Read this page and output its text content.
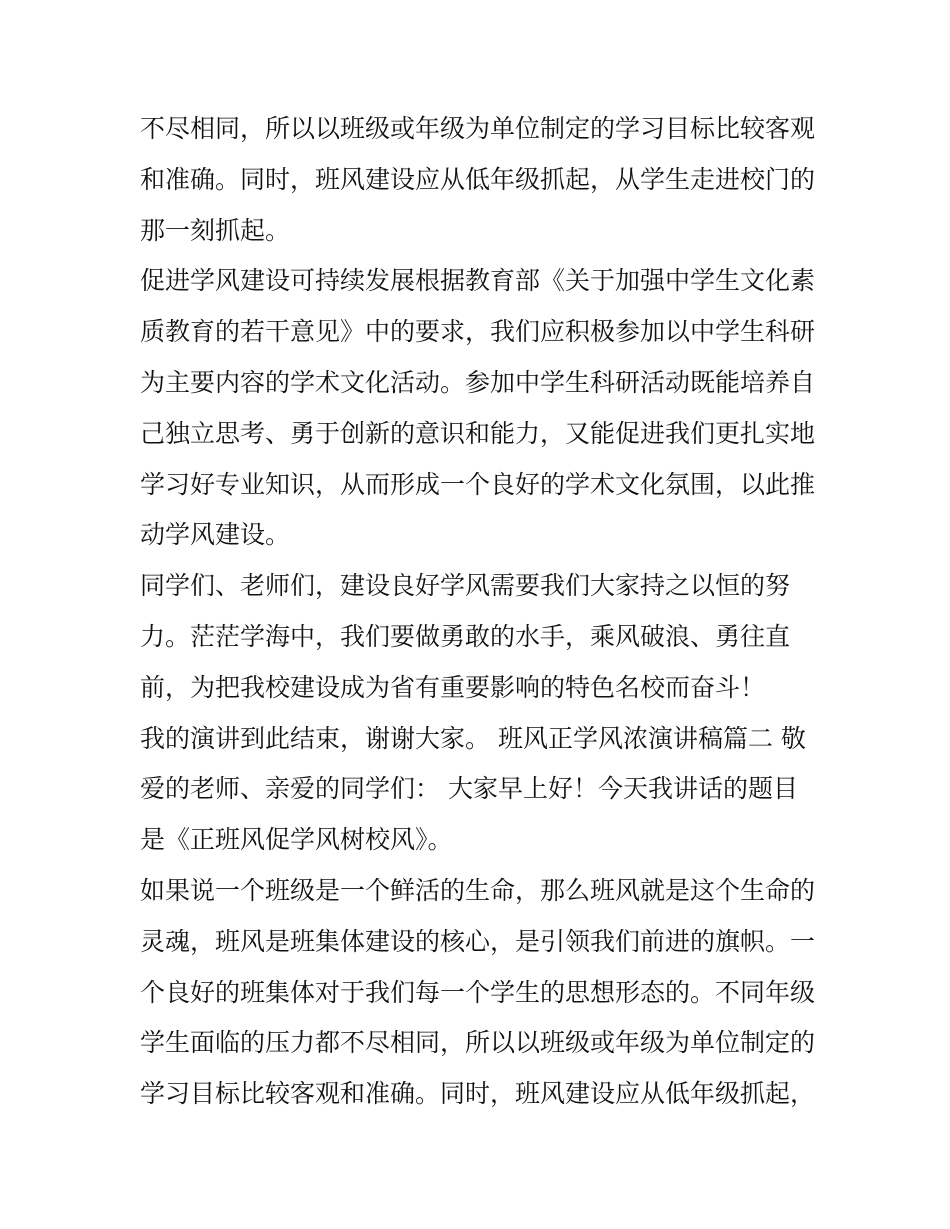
不尽相同，所以以班级或年级为单位制定的学习目标比较客观
和准确。同时，班风建设应从低年级抓起，从学生走进校门的
那一刻抓起。
促进学风建设可持续发展根据教育部《关于加强中学生文化素
质教育的若干意见》中的要求，我们应积极参加以中学生科研
为主要内容的学术文化活动。参加中学生科研活动既能培养自
己独立思考、勇于创新的意识和能力，又能促进我们更扎实地
学习好专业知识，从而形成一个良好的学术文化氛围，以此推
动学风建设。
同学们、老师们，建设良好学风需要我们大家持之以恒的努
力。茫茫学海中，我们要做勇敢的水手，乘风破浪、勇往直
前，为把我校建设成为省有重要影响的特色名校而奋斗！
我的演讲到此结束，谢谢大家。 班风正学风浓演讲稿篇二 敬
爱的老师、亲爱的同学们： 大家早上好！今天我讲话的题目
是《正班风促学风树校风》。
如果说一个班级是一个鲜活的生命，那么班风就是这个生命的
灵魂，班风是班集体建设的核心，是引领我们前进的旗帜。一
个良好的班集体对于我们每一个学生的思想形态的。不同年级
学生面临的压力都不尽相同，所以以班级或年级为单位制定的
学习目标比较客观和准确。同时，班风建设应从低年级抓起，
